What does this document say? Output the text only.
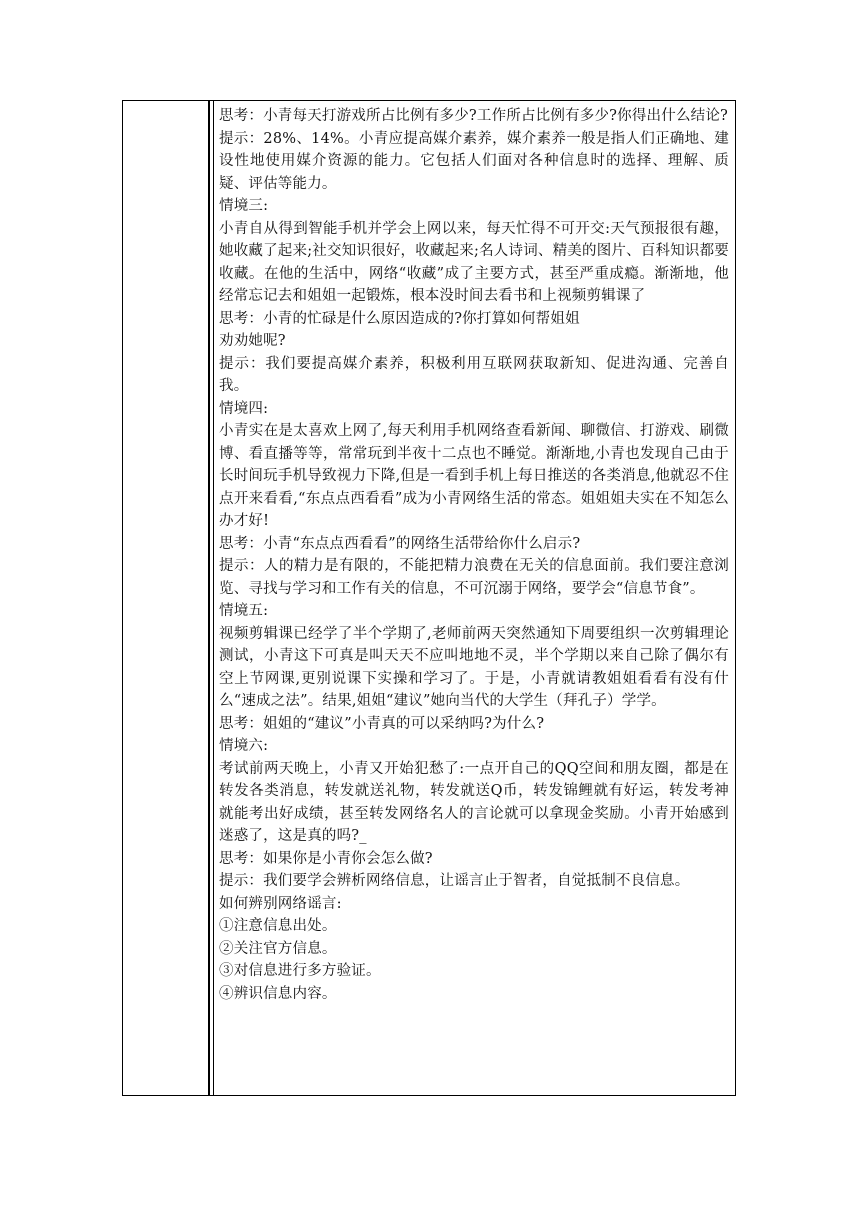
思考：小青每天打游戏所占比例有多少?工作所占比例有多少?你得出什么结论?

提示：28%、14%。小青应提高媒介素养，媒介素养一般是指人们正确地、建设性地使用媒介资源的能力。它包括人们面对各种信息时的选择、理解、质疑、评估等能力。

情境三:

小青自从得到智能手机并学会上网以来，每天忙得不可开交:天气预报很有趣，她收藏了起来;社交知识很好，收藏起来;名人诗词、精美的图片、百科知识都要收藏。在他的生活中，网络“收藏”成了主要方式，甚至严重成瘾。渐渐地，他经常忘记去和姐姐一起锻炼，根本没时间去看书和上视频剪辑课了

思考：小青的忙碌是什么原因造成的?你打算如何帮姐姐

劝劝她呢?

提示：我们要提高媒介素养，积极利用互联网获取新知、促进沟通、完善自我。

情境四:

小青实在是太喜欢上网了,每天利用手机网络查看新闻、聊微信、打游戏、刷微博、看直播等等，常常玩到半夜十二点也不睡觉。渐渐地,小青也发现自己由于长时间玩手机导致视力下降,但是一看到手机上每日推送的各类消息,他就忍不住点开来看看,“东点点西看看”成为小青网络生活的常态。姐姐姐夫实在不知怎么办才好!

思考：小青“东点点西看看”的网络生活带给你什么启示?

提示：人的精力是有限的，不能把精力浪费在无关的信息面前。我们要注意浏览、寻找与学习和工作有关的信息，不可沉溺于网络，要学会“信息节食”。

情境五:

视频剪辑课已经学了半个学期了,老师前两天突然通知下周要组织一次剪辑理论测试，小青这下可真是叫天天不应叫地地不灵，半个学期以来自己除了偶尔有空上节网课,更别说课下实操和学习了。于是，小青就请教姐姐看看有没有什么“速成之法”。结果,姐姐“建议”她向当代的大学生（拜孔子）学学。

思考：姐姐的“建议”小青真的可以采纳吗?为什么?

情境六:

考试前两天晚上，小青又开始犯愁了:一点开自己的QQ空间和朋友圈，都是在转发各类消息，转发就送礼物，转发就送Q币，转发锦鲤就有好运，转发考神就能考出好成绩，甚至转发网络名人的言论就可以拿现金奖励。小青开始感到迷惑了，这是真的吗?_

思考：如果你是小青你会怎么做?

提示：我们要学会辨析网络信息，让谣言止于智者，自觉抵制不良信息。

如何辨别网络谣言:

①注意信息出处。

②关注官方信息。

③对信息进行多方验证。

④辨识信息内容。
